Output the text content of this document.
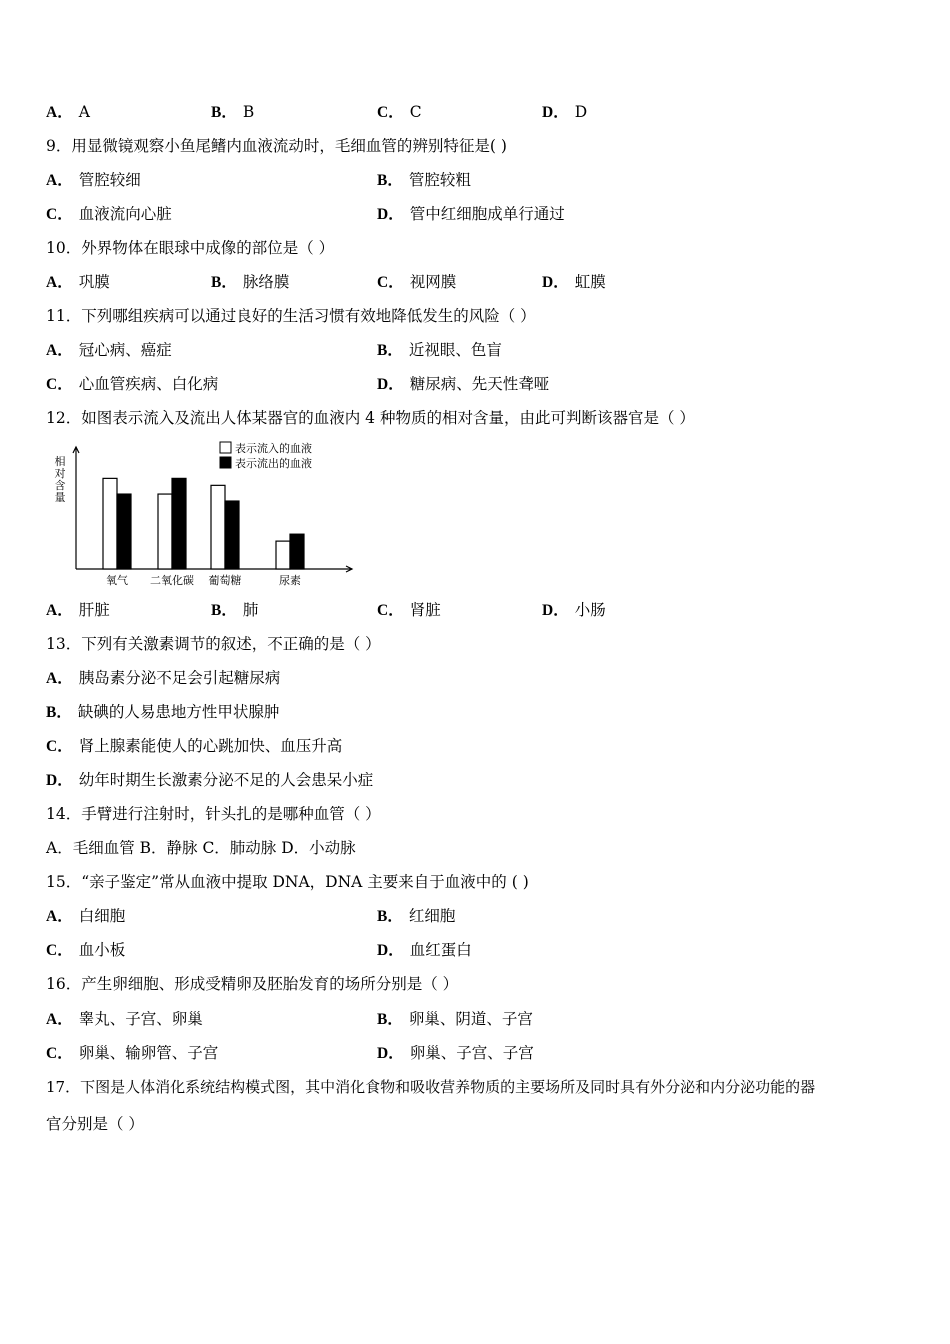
A． A	B． B	C． C	D． D
9．用显微镜观察小鱼尾鳍内血液流动时，毛细血管的辨别特征是( )
A． 管腔较细	B． 管腔较粗
C． 血液流向心脏	D． 管中红细胞成单行通过
10．外界物体在眼球中成像的部位是（ ）
A． 巩膜	B． 脉络膜	C． 视网膜	D． 虹膜
11．下列哪组疾病可以通过良好的生活习惯有效地降低发生的风险（ ）
A． 冠心病、癌症	B． 近视眼、色盲
C． 心血管疾病、白化病	D． 糖尿病、先天性聋哑
12．如图表示流入及流出人体某器官的血液内 4 种物质的相对含量，由此可判断该器官是（ ）
相
对
含
量
表示流入的血液
表示流出的血液
氧气 二氧化碳 葡萄糖	尿素
A． 肝脏	B． 肺	C． 肾脏	D． 小肠
13．下列有关激素调节的叙述，不正确的是（ ）
A． 胰岛素分泌不足会引起糖尿病
B． 缺碘的人易患地方性甲状腺肿
C． 肾上腺素能使人的心跳加快、血压升高
D． 幼年时期生长激素分泌不足的人会患呆小症
14．手臂进行注射时，针头扎的是哪种血管（ ）
A．毛细血管 B．静脉 C．肺动脉 D．小动脉
15．“亲子鉴定”常从血液中提取 DNA，DNA 主要来自于血液中的 ( )
A． 白细胞	B． 红细胞
C． 血小板	D． 血红蛋白
16．产生卵细胞、形成受精卵及胚胎发育的场所分别是（ ）
A． 睾丸、子宫、卵巢	B． 卵巢、阴道、子宫
C． 卵巢、输卵管、子宫	D． 卵巢、子宫、子宫
17．下图是人体消化系统结构模式图，其中消化食物和吸收营养物质的主要场所及同时具有外分泌和内分泌功能的器
官分别是（ ）
